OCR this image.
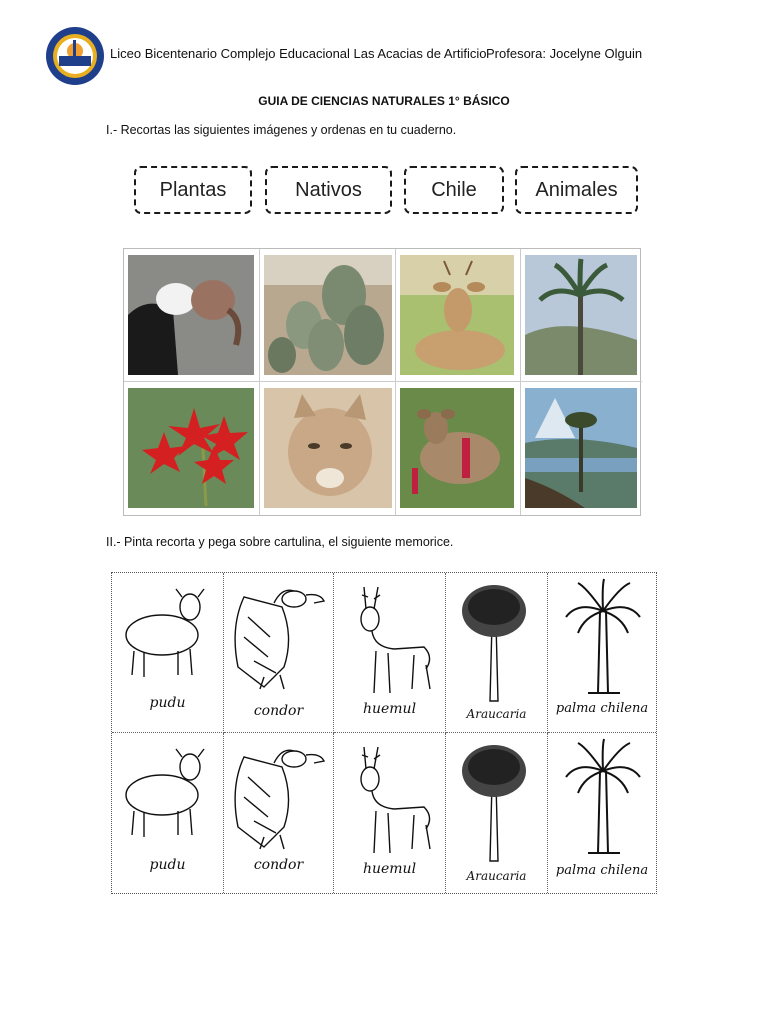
Liceo Bicentenario Complejo Educacional Las Acacias de Artificio Profesora: Jocelyne Olguin
GUIA DE CIENCIAS NATURALES 1° BÁSICO
I.- Recortas las siguientes imágenes y ordenas en tu cuaderno.
Plantas	Nativos	Chile	Animales
II.- Pinta recorta y pega sobre cartulina, el siguiente memorice.
pudu	condor	huemul	Araucaria	palma chilena
pudu	condor	huemul	Araucaria	palma chilena
